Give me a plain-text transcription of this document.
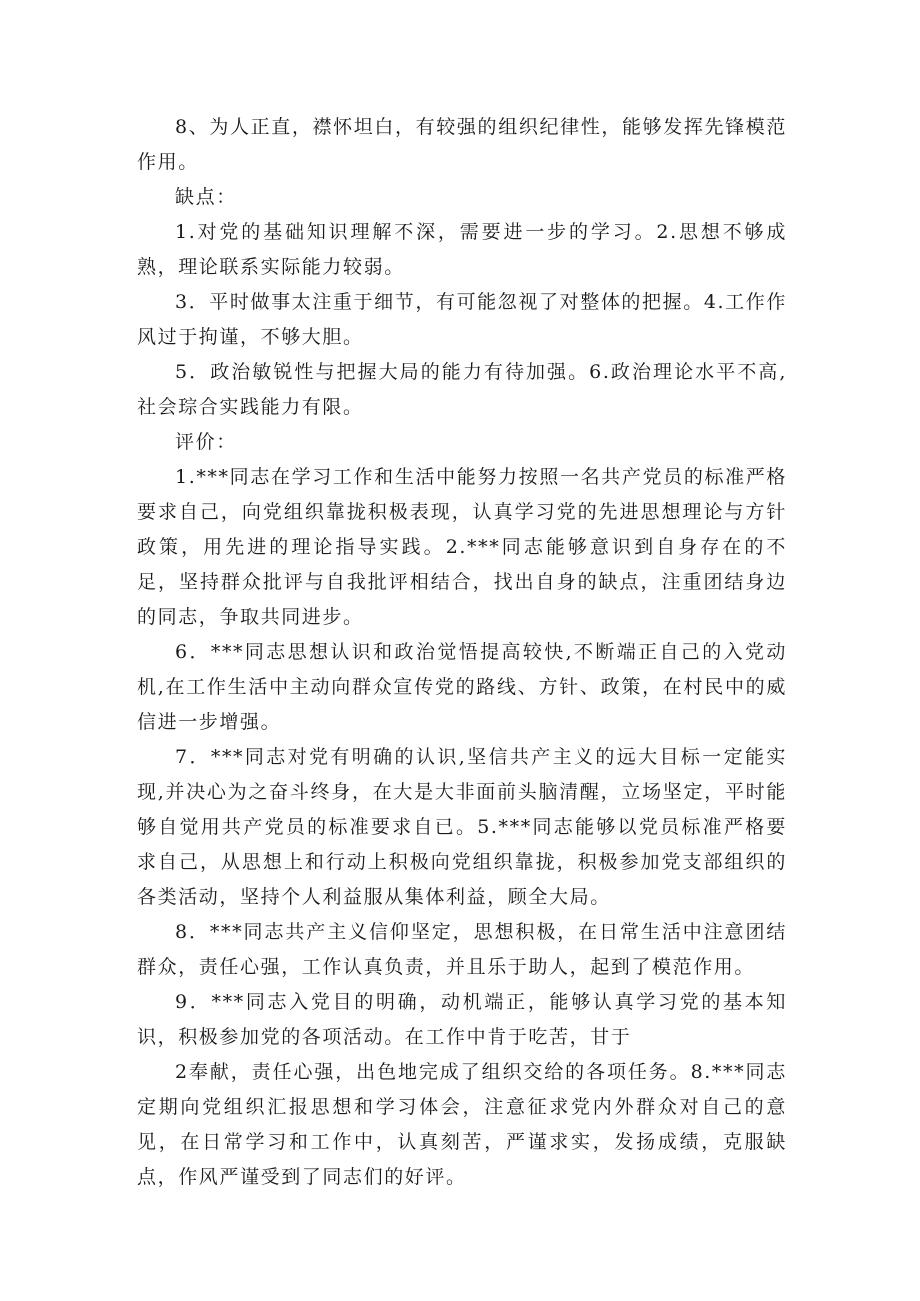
8、为人正直，襟怀坦白，有较强的组织纪律性，能够发挥先锋模范作用。

缺点：

1.对党的基础知识理解不深，需要进一步的学习。2.思想不够成熟，理论联系实际能力较弱。

3．平时做事太注重于细节，有可能忽视了对整体的把握。4.工作作风过于拘谨，不够大胆。

5．政治敏锐性与把握大局的能力有待加强。6.政治理论水平不高,社会琮合实践能力有限。

评价：

1.***同志在学习工作和生活中能努力按照一名共产党员的标准严格要求自己，向党组织靠拢积极表现，认真学习党的先进思想理论与方针政策，用先进的理论指导实践。2.***同志能够意识到自身存在的不足，坚持群众批评与自我批评相结合，找出自身的缺点，注重团结身边的同志，争取共同进步。

6．***同志思想认识和政治觉悟提高较快,不断端正自己的入党动机,在工作生活中主动向群众宣传党的路线、方针、政策，在村民中的威信进一步增强。

7．***同志对党有明确的认识,坚信共产主义的远大目标一定能实现,并决心为之奋斗终身，在大是大非面前头脑清醒，立场坚定，平时能够自觉用共产党员的标准要求自已。5.***同志能够以党员标准严格要求自己，从思想上和行动上积极向党组织靠拢，积极参加党支部组织的各类活动，坚持个人利益服从集体利益，顾全大局。

8．***同志共产主义信仰坚定，思想积极，在日常生活中注意团结群众，责任心强，工作认真负责，并且乐于助人，起到了模范作用。

9．***同志入党目的明确，动机端正，能够认真学习党的基本知识，积极参加党的各项活动。在工作中肯于吃苦，甘于

2奉献，责任心强，出色地完成了组织交给的各项任务。8.***同志定期向党组织汇报思想和学习体会，注意征求党内外群众对自己的意见，在日常学习和工作中，认真刻苦，严谨求实，发扬成绩，克服缺点，作风严谨受到了同志们的好评。
